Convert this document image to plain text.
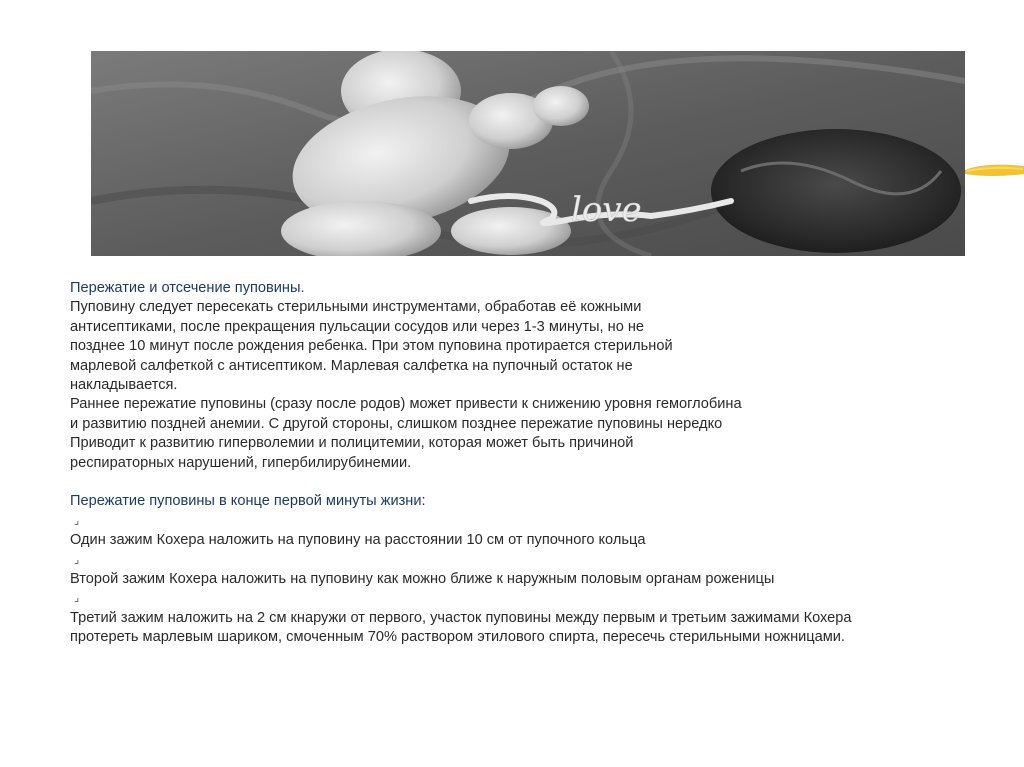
love
Пережатие и отсечение пуповины.
Пуповину следует пересекать стерильными инструментами, обработав её кожными
антисептиками, после прекращения пульсации сосудов или через 1-3 минуты, но не
позднее 10 минут после рождения ребенка. При этом пуповина протирается стерильной
марлевой салфеткой с антисептиком. Марлевая салфетка на пупочный остаток не
накладывается.
Раннее пережатие пуповины (сразу после родов) может привести к снижению уровня гемоглобина
и развитию поздней анемии. С другой стороны, слишком позднее пережатие пуповины нередко
Приводит к развитию гиперволемии и полицитемии, которая может быть причиной
респираторных нарушений, гипербилирубинемии.
Пережатие пуповины в конце первой минуты жизни:
⌟
Один зажим Кохера наложить на пуповину на расстоянии 10 см от пупочного кольца
⌟
Второй зажим Кохера наложить на пуповину как можно ближе к наружным половым органам роженицы
⌟
Третий зажим наложить на 2 см кнаружи от первого, участок пуповины между первым и третьим зажимами Кохера
протереть марлевым шариком, смоченным 70% раствором этилового спирта, пересечь стерильными ножницами.
